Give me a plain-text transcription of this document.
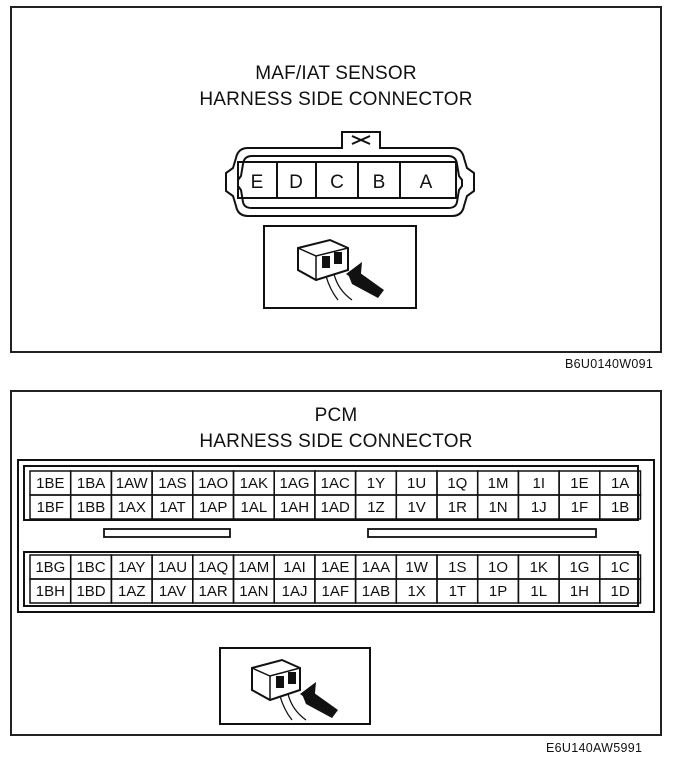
MAF/IAT SENSOR
HARNESS SIDE CONNECTOR
E D C B A
B6U0140W091
PCM
HARNESS SIDE CONNECTOR
1BE 1BA 1AW 1AS 1AO 1AK 1AG 1AC 1Y 1U 1Q 1M 1I 1E 1A
1BF 1BB 1AX 1AT 1AP 1AL 1AH 1AD 1Z 1V 1R 1N 1J 1F 1B
1BG 1BC 1AY 1AU 1AQ 1AM 1AI 1AE 1AA 1W 1S 1O 1K 1G 1C
1BH 1BD 1AZ 1AV 1AR 1AN 1AJ 1AF 1AB 1X 1T 1P 1L 1H 1D
E6U140AW5991
